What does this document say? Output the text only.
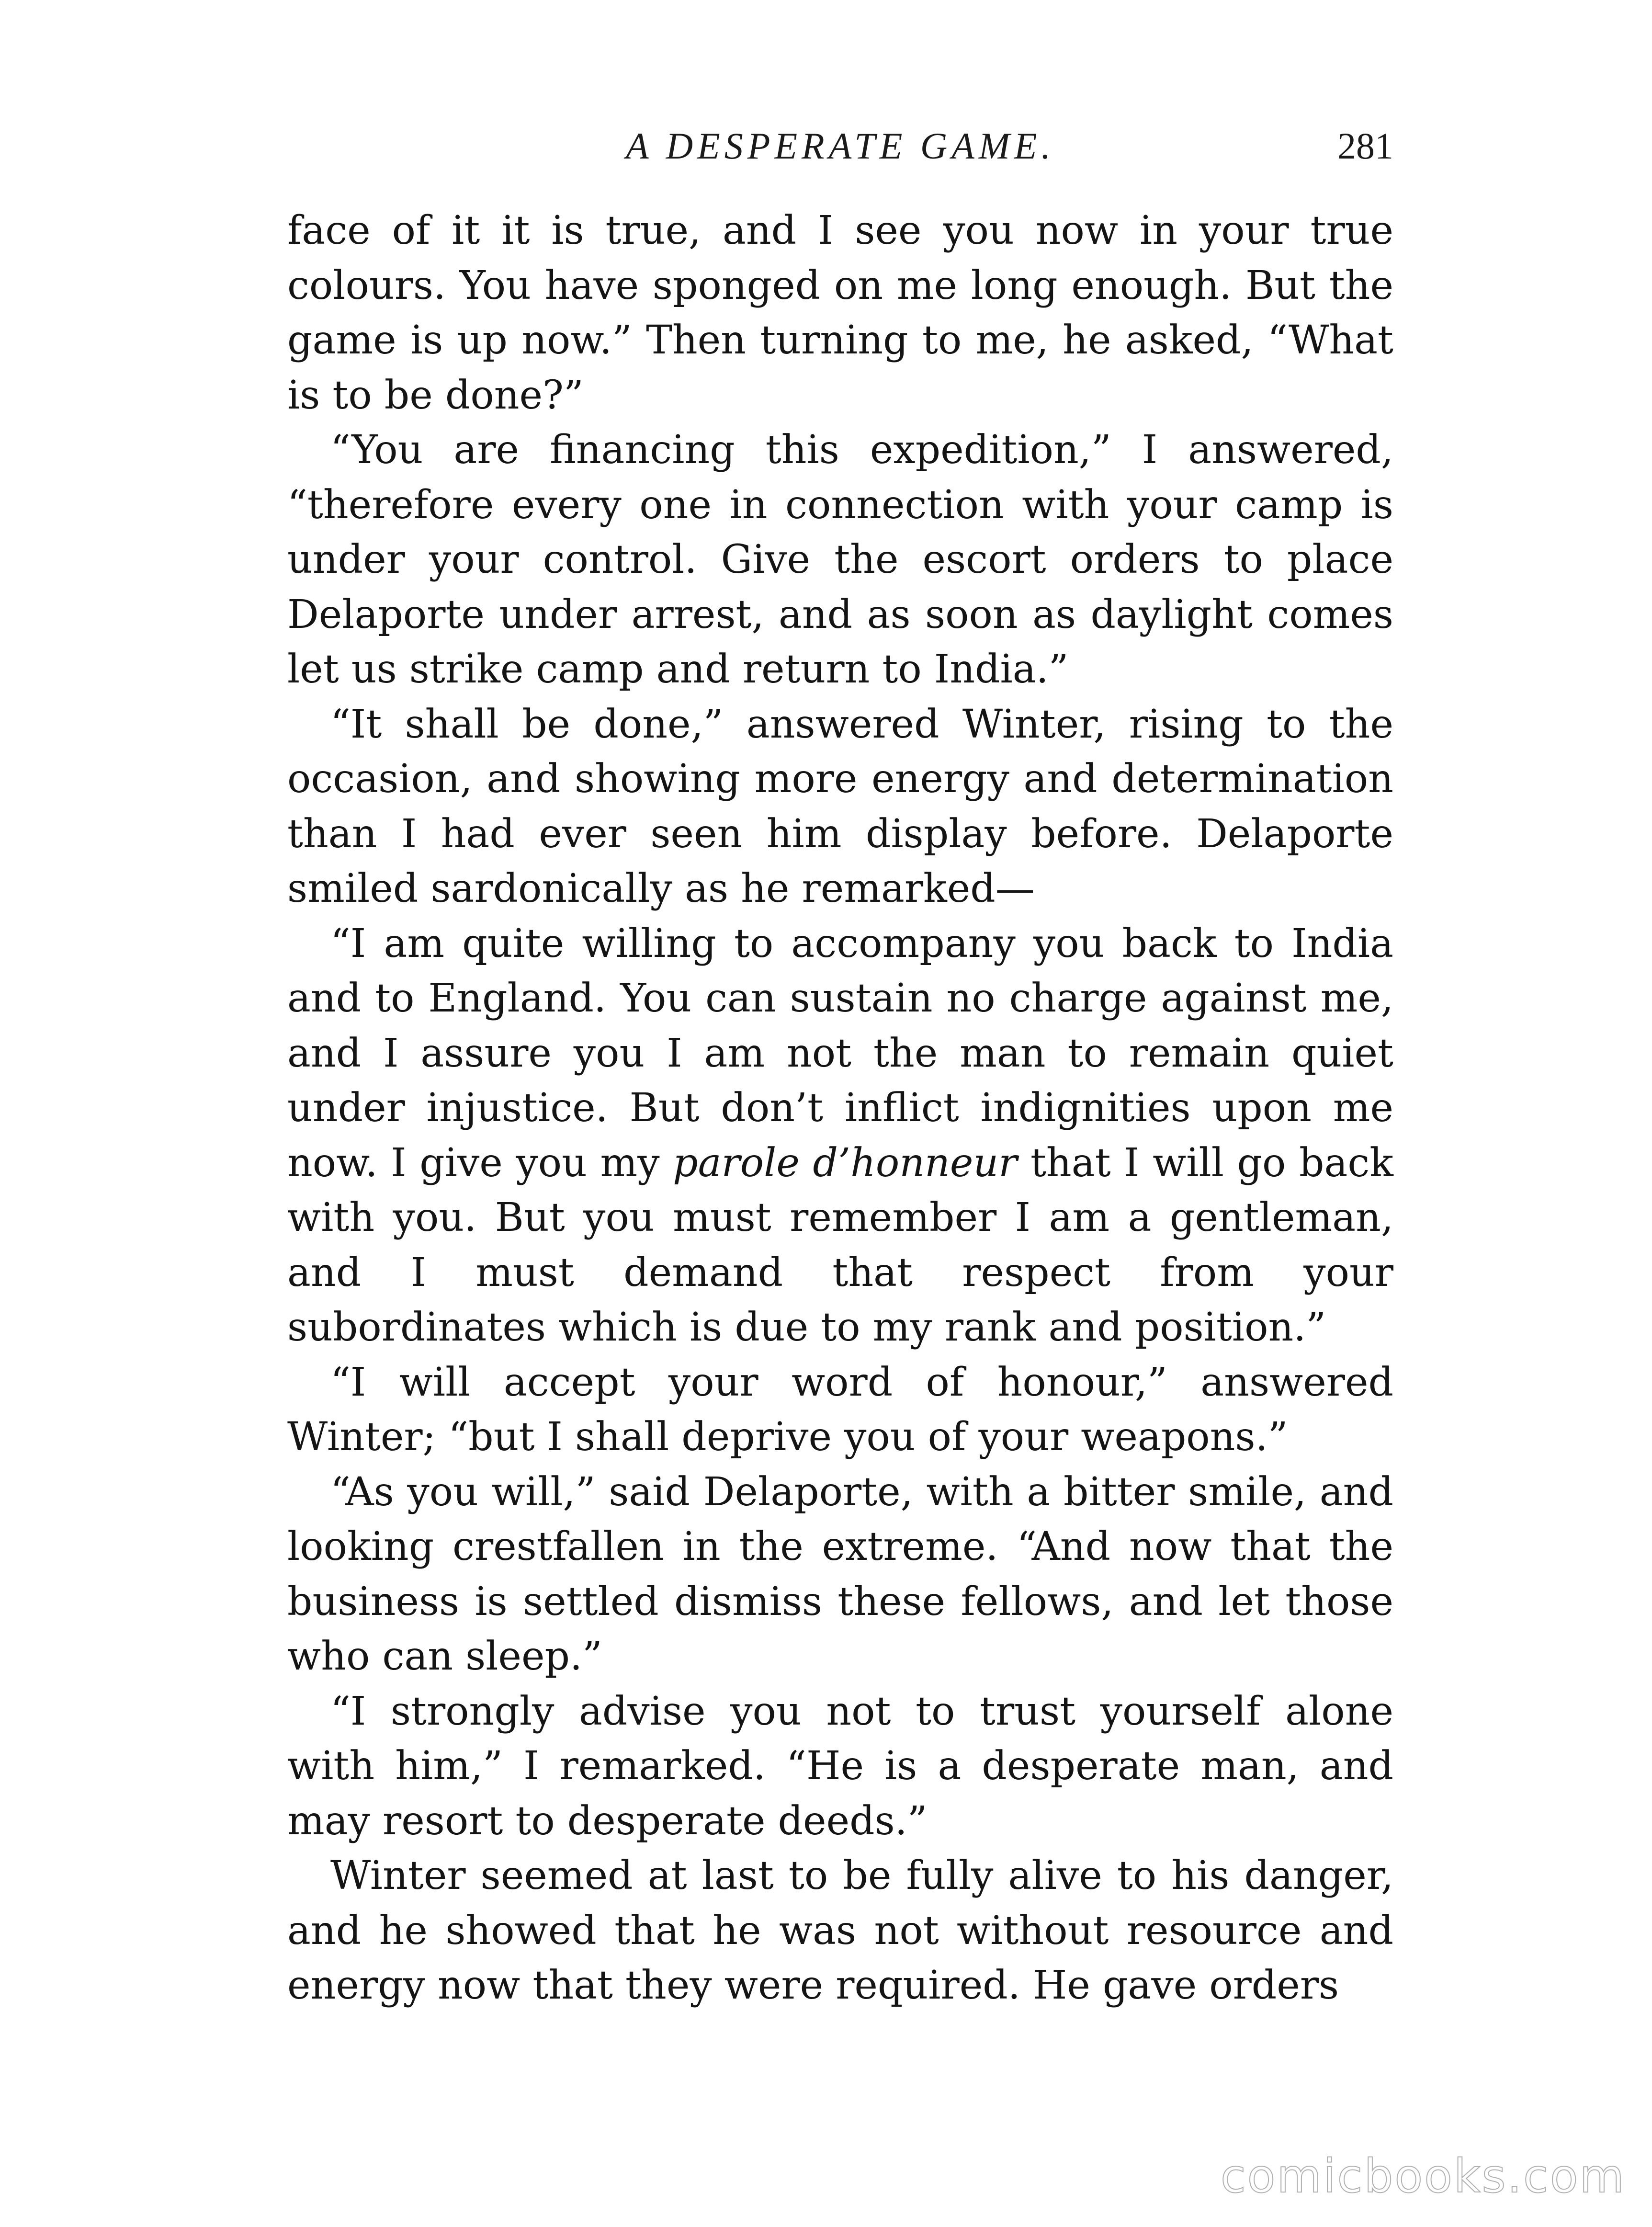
A DESPERATE GAME.	281

face of it it is true, and I see you now in your true colours. You have sponged on me long enough. But the game is up now.” Then turning to me, he asked, “What is to be done?”

“You are financing this expedition,” I answered, “therefore every one in connection with your camp is under your control. Give the escort orders to place Delaporte under arrest, and as soon as daylight comes let us strike camp and return to India.”

“It shall be done,” answered Winter, rising to the occasion, and showing more energy and determination than I had ever seen him display before. Delaporte smiled sardonically as he remarked—

“I am quite willing to accompany you back to India and to England. You can sustain no charge against me, and I assure you I am not the man to remain quiet under injustice. But don’t inflict indignities upon me now. I give you my parole d’honneur that I will go back with you. But you must remember I am a gentleman, and I must demand that respect from your subordinates which is due to my rank and position.”

“I will accept your word of honour,” answered Winter; “but I shall deprive you of your weapons.”

“As you will,” said Delaporte, with a bitter smile, and looking crestfallen in the extreme. “And now that the business is settled dismiss these fellows, and let those who can sleep.”

“I strongly advise you not to trust yourself alone with him,” I remarked. “He is a desperate man, and may resort to desperate deeds.”

Winter seemed at last to be fully alive to his danger, and he showed that he was not without resource and energy now that they were required. He gave orders

comicbooks.com
